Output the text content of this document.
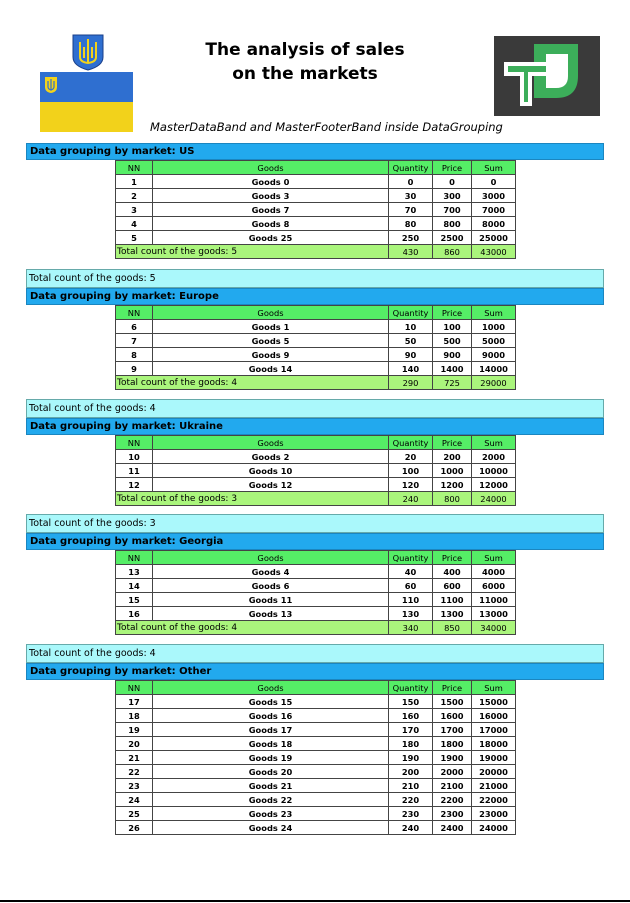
The analysis of sales
on the markets
MasterDataBand and MasterFooterBand inside DataGrouping
Data grouping by market: US
NN	Goods	Quantity	Price	Sum
1	Goods 0	0	0	0
2	Goods 3	30	300	3000
3	Goods 7	70	700	7000
4	Goods 8	80	800	8000
5	Goods 25	250	2500	25000
Total count of the goods: 5		430	860	43000
Total count of the goods: 5
Data grouping by market: Europe
NN	Goods	Quantity	Price	Sum
6	Goods 1	10	100	1000
7	Goods 5	50	500	5000
8	Goods 9	90	900	9000
9	Goods 14	140	1400	14000
Total count of the goods: 4		290	725	29000
Total count of the goods: 4
Data grouping by market: Ukraine
NN	Goods	Quantity	Price	Sum
10	Goods 2	20	200	2000
11	Goods 10	100	1000	10000
12	Goods 12	120	1200	12000
Total count of the goods: 3		240	800	24000
Total count of the goods: 3
Data grouping by market: Georgia
NN	Goods	Quantity	Price	Sum
13	Goods 4	40	400	4000
14	Goods 6	60	600	6000
15	Goods 11	110	1100	11000
16	Goods 13	130	1300	13000
Total count of the goods: 4		340	850	34000
Total count of the goods: 4
Data grouping by market: Other
NN	Goods	Quantity	Price	Sum
17	Goods 15	150	1500	15000
18	Goods 16	160	1600	16000
19	Goods 17	170	1700	17000
20	Goods 18	180	1800	18000
21	Goods 19	190	1900	19000
22	Goods 20	200	2000	20000
23	Goods 21	210	2100	21000
24	Goods 22	220	2200	22000
25	Goods 23	230	2300	23000
26	Goods 24	240	2400	24000
